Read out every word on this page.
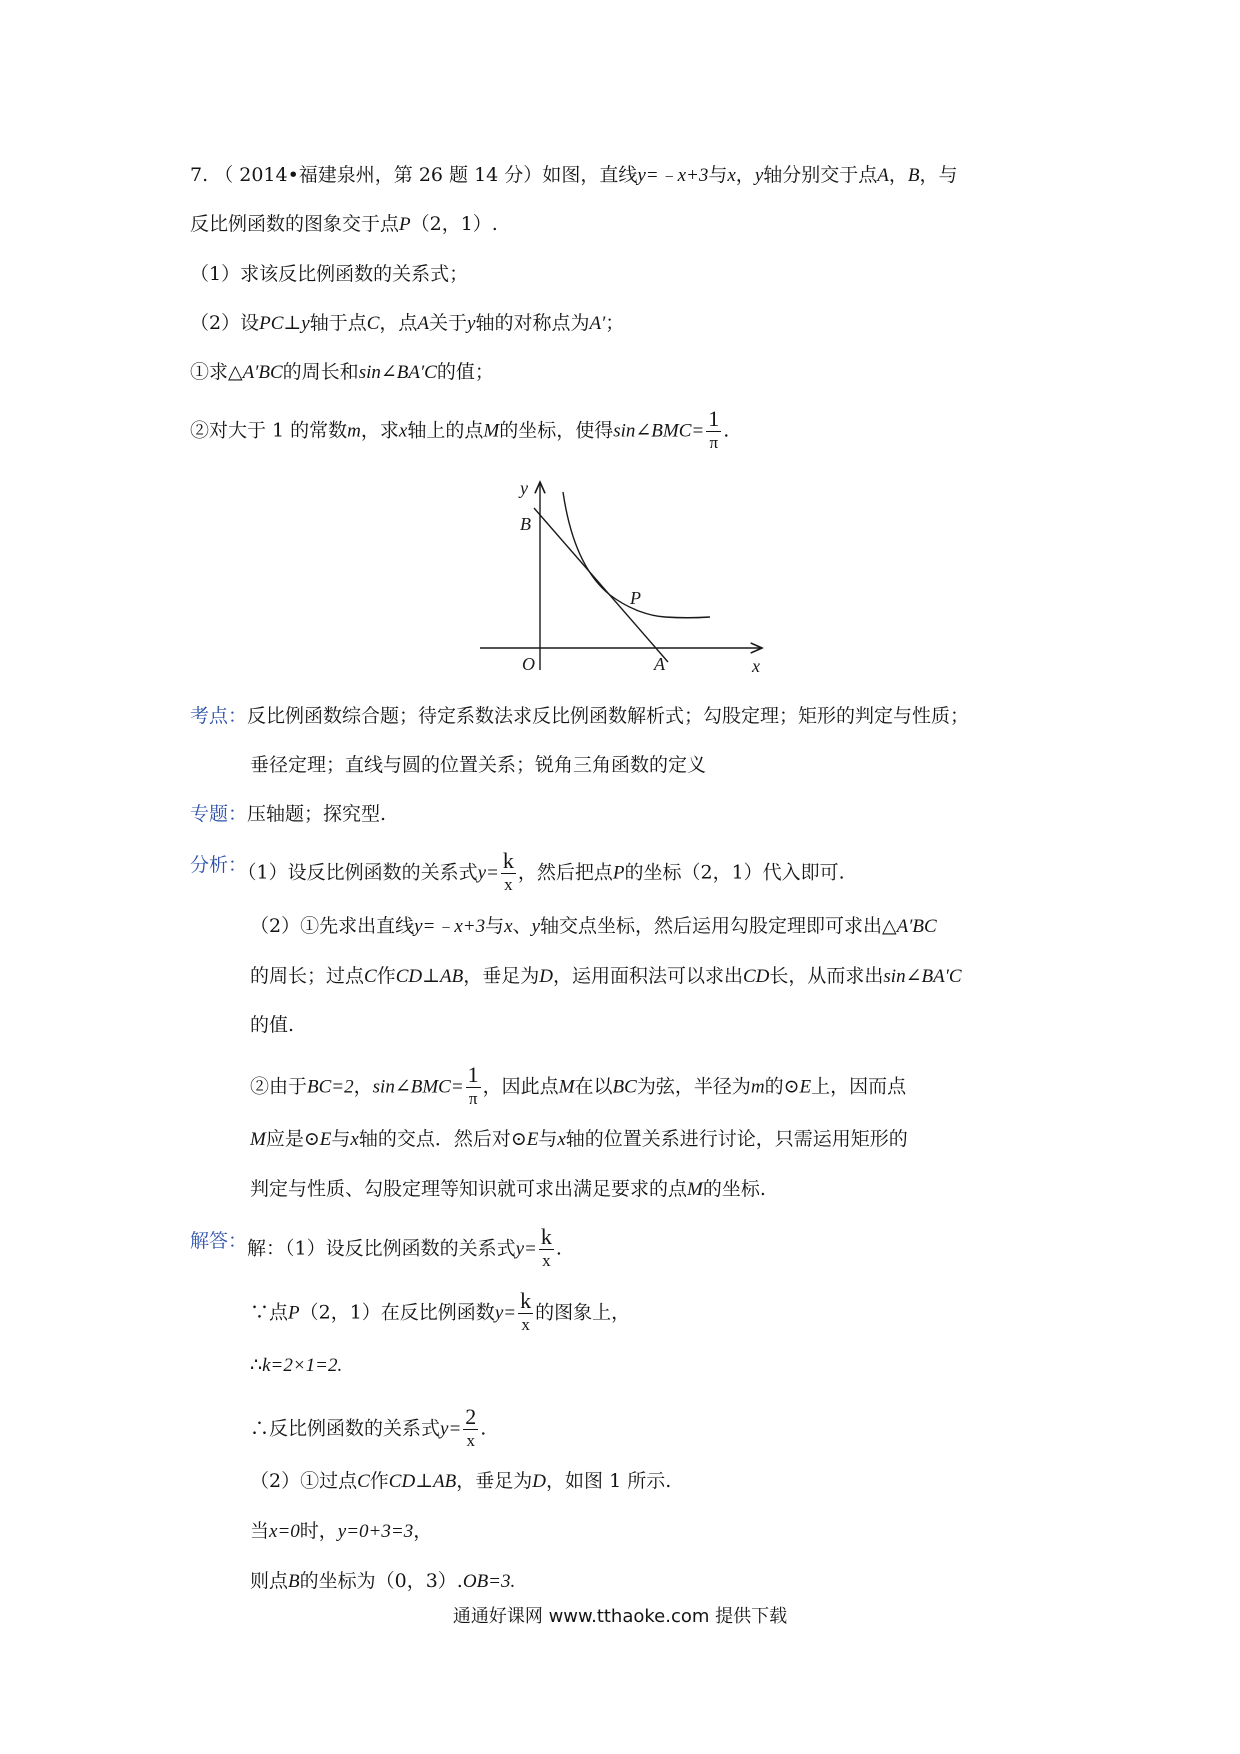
7. （ 2014•福建泉州，第 26 题 14 分）如图，直线y=﹣x+3与x，y轴分别交于点A，B，与
反比例函数的图象交于点P（2，1）.
（1）求该反比例函数的关系式；
（2）设PC⊥y轴于点C，点A关于y轴的对称点为A′；
①求△A′BC的周长和sin∠BA′C的值；
②对大于 1 的常数m，求x轴上的点M的坐标，使得sin∠BMC= $\frac{1}{\pi}$ .
y
B
P
O	A	x
考点：反比例函数综合题；待定系数法求反比例函数解析式；勾股定理；矩形的判定与性质；
垂径定理；直线与圆的位置关系；锐角三角函数的定义
专题：压轴题；探究型.
分析：（1）设反比例函数的关系式$y= \frac{k}{x}$ ，然后把点P的坐标（2，1）代入即可.
（2）①先求出直线y=﹣x+3与x、y轴交点坐标，然后运用勾股定理即可求出△A′BC
的周长；过点C作CD⊥AB，垂足为D，运用面积法可以求出CD长，从而求出sin∠BA′C
的值.
②由于BC=2，sin∠BMC= $\frac{1}{\pi}$ ，因此点M在以BC为弦，半径为m的⊙E上，因而点
M应是⊙E与x轴的交点．然后对⊙E与x轴的位置关系进行讨论，只需运用矩形的
判定与性质、勾股定理等知识就可求出满足要求的点M的坐标.
解答：解：（1）设反比例函数的关系式$y= \frac{k}{x}$ .
∵点P（2，1）在反比例函数$y= \frac{k}{x}$ 的图象上，
∴k=2×1=2.
∴反比例函数的关系式$y= \frac{2}{x}$ .
（2）①过点C作CD⊥AB，垂足为D，如图 1 所示.
当x=0时，y=0+3=3，
则点B的坐标为（0，3）.OB=3.
通通好课网 www.tthaoke.com 提供下载
